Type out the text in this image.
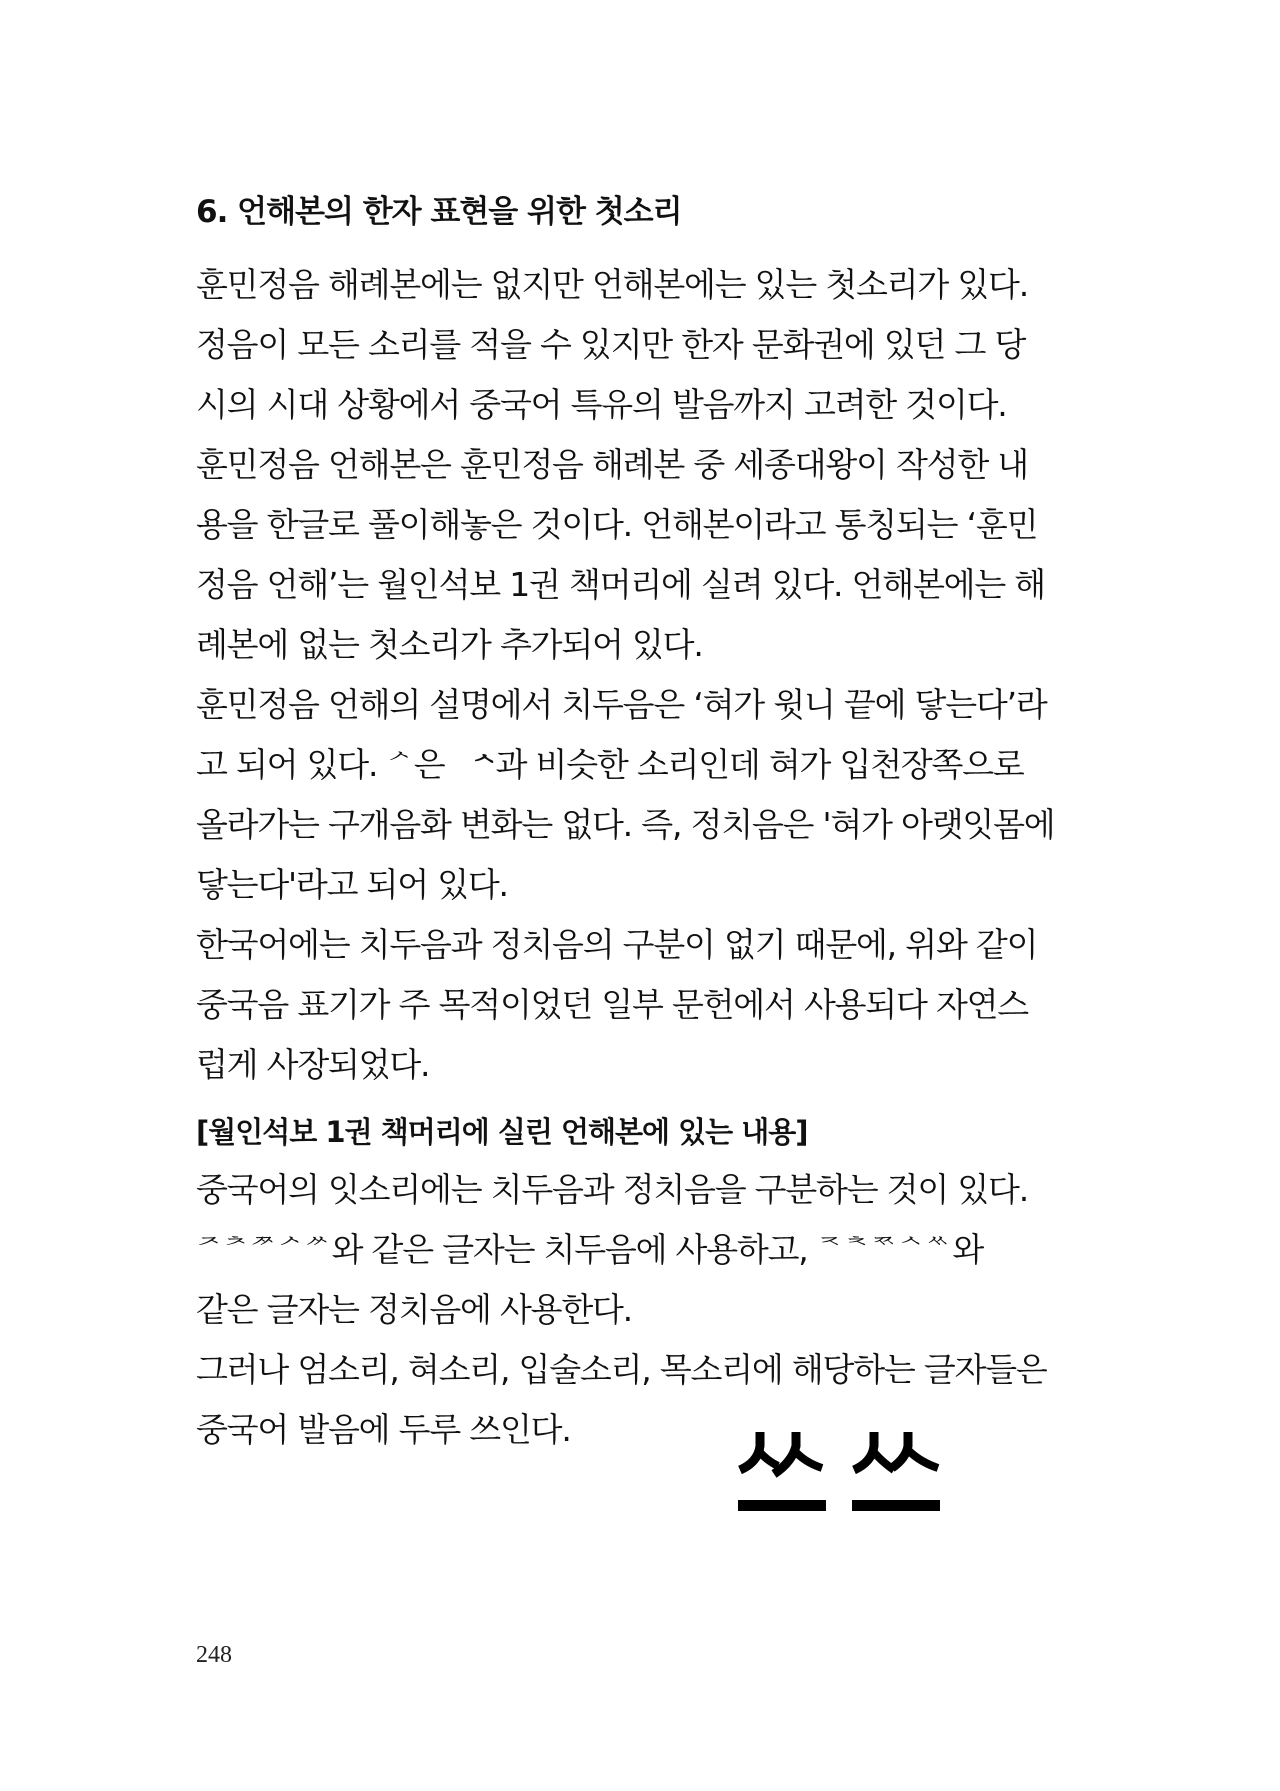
6. 언해본의 한자 표현을 위한 첫소리
훈민정음 해례본에는 없지만 언해본에는 있는 첫소리가 있다.
정음이 모든 소리를 적을 수 있지만 한자 문화권에 있던 그 당
시의 시대 상황에서 중국어 특유의 발음까지 고려한 것이다.
훈민정음 언해본은 훈민정음 해례본 중 세종대왕이 작성한 내
용을 한글로 풀이해놓은 것이다. 언해본이라고 통칭되는 ‘훈민
정음 언해’는 월인석보 1권 책머리에 실려 있다. 언해본에는 해
례본에 없는 첫소리가 추가되어 있다.
훈민정음 언해의 설명에서 치두음은 ‘혀가 윗니 끝에 닿는다’라
고 되어 있다. ᄼ은 ᄾ과 비슷한 소리인데 혀가 입천장쪽으로
올라가는 구개음화 변화는 없다. 즉, 정치음은 '혀가 아랫잇몸에
닿는다'라고 되어 있다.
한국어에는 치두음과 정치음의 구분이 없기 때문에, 위와 같이
중국음 표기가 주 목적이었던 일부 문헌에서 사용되다 자연스
럽게 사장되었다.
[월인석보 1권 책머리에 실린 언해본에 있는 내용]
중국어의 잇소리에는 치두음과 정치음을 구분하는 것이 있다.
ᅎᅔᅏᄼᄽ와 같은 글자는 치두음에 사용하고, ᅐᅕᅑᄾᄿ와
같은 글자는 정치음에 사용한다.
그러나 엄소리, 혀소리, 입술소리, 목소리에 해당하는 글자들은
중국어 발음에 두루 쓰인다.
248
